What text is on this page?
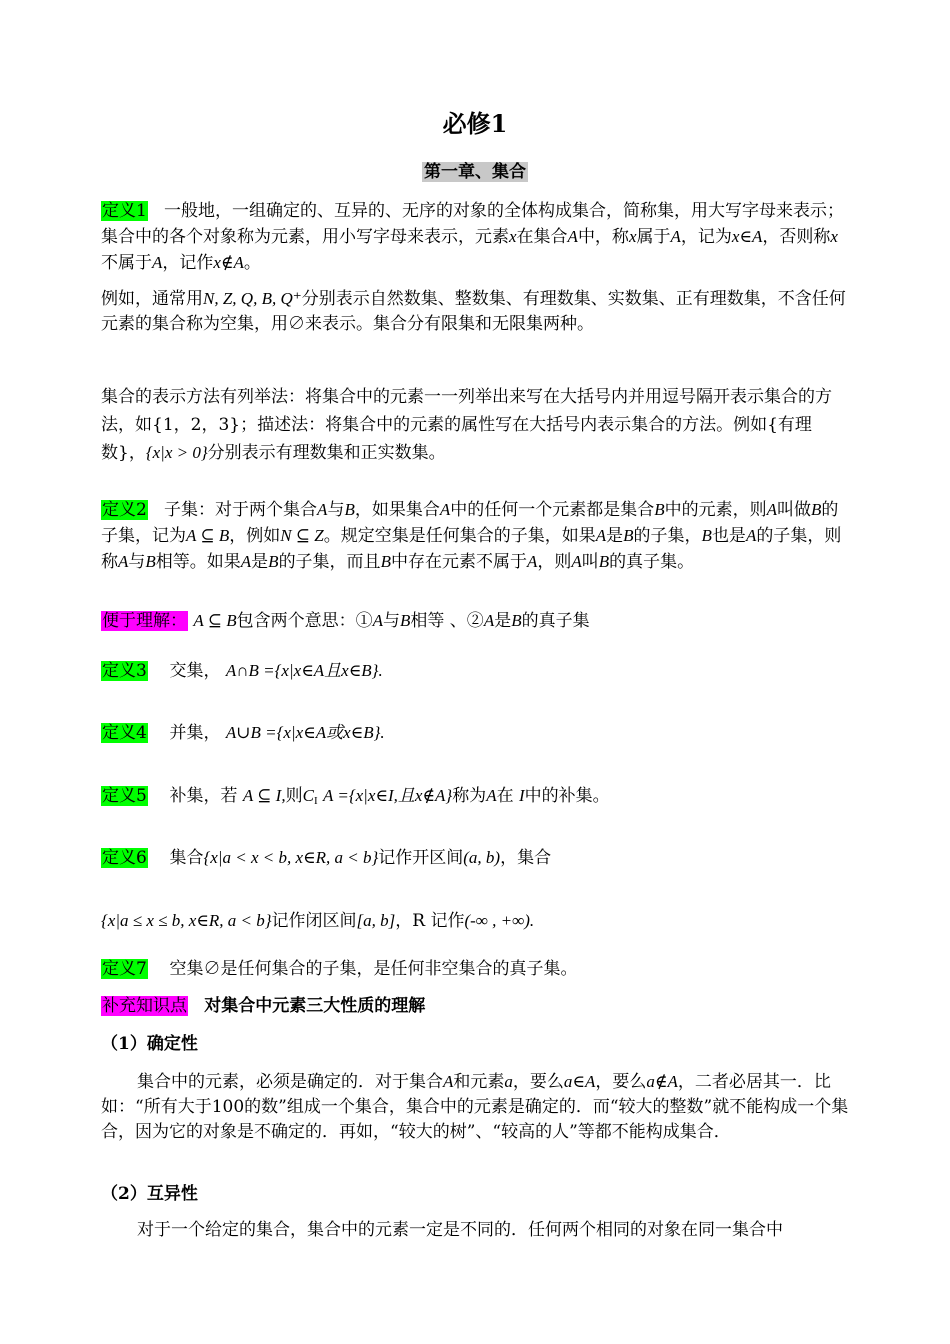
必修1
第一章、集合
定义1 一般地，一组确定的、互异的、无序的对象的全体构成集合，简称集，用大写字母来表示；集合中的各个对象称为元素，用小写字母来表示，元素x在集合A中，称x属于A，记为x∈A，否则称x不属于A，记作x∉A。
例如，通常用N, Z, Q, B, Q⁺分别表示自然数集、整数集、有理数集、实数集、正有理数集，不含任何元素的集合称为空集，用∅来表示。集合分有限集和无限集两种。
集合的表示方法有列举法：将集合中的元素一一列举出来写在大括号内并用逗号隔开表示集合的方法，如{1，2，3}；描述法：将集合中的元素的属性写在大括号内表示集合的方法。例如{有理数}，{x|x > 0}分别表示有理数集和正实数集。
定义2 子集：对于两个集合A与B，如果集合A中的任何一个元素都是集合B中的元素，则A叫做B的子集，记为A ⊆ B，例如N ⊆ Z。规定空集是任何集合的子集，如果A是B的子集，B也是A的子集，则称A与B相等。如果A是B的子集，而且B中存在元素不属于A，则A叫B的真子集。
便于理解： A ⊆ B包含两个意思：①A与B相等 、②A是B的真子集
定义3 交集， A∩B ={x|x∈A且x∈B}.
定义4 并集， A∪B ={x|x∈A或x∈B}.
定义5 补集，若 A ⊆ I,则$C_I$ A ={x|x∈I,且x∉A}称为A在 I中的补集。
定义6 集合{x|a < x < b, x∈R, a < b}记作开区间(a, b)，集合
{x|a ≤ x ≤ b, x∈R, a < b}记作闭区间[a, b]，R 记作(-∞ , +∞).
定义7 空集∅是任何集合的子集，是任何非空集合的真子集。
补充知识点 对集合中元素三大性质的理解
（1）确定性
集合中的元素，必须是确定的．对于集合A和元素a，要么a∈A，要么a∉A，二者必居其一．比如：“所有大于100的数”组成一个集合，集合中的元素是确定的．而“较大的整数”就不能构成一个集合，因为它的对象是不确定的．再如，“较大的树”、“较高的人”等都不能构成集合．
（2）互异性
对于一个给定的集合，集合中的元素一定是不同的．任何两个相同的对象在同一集合中
